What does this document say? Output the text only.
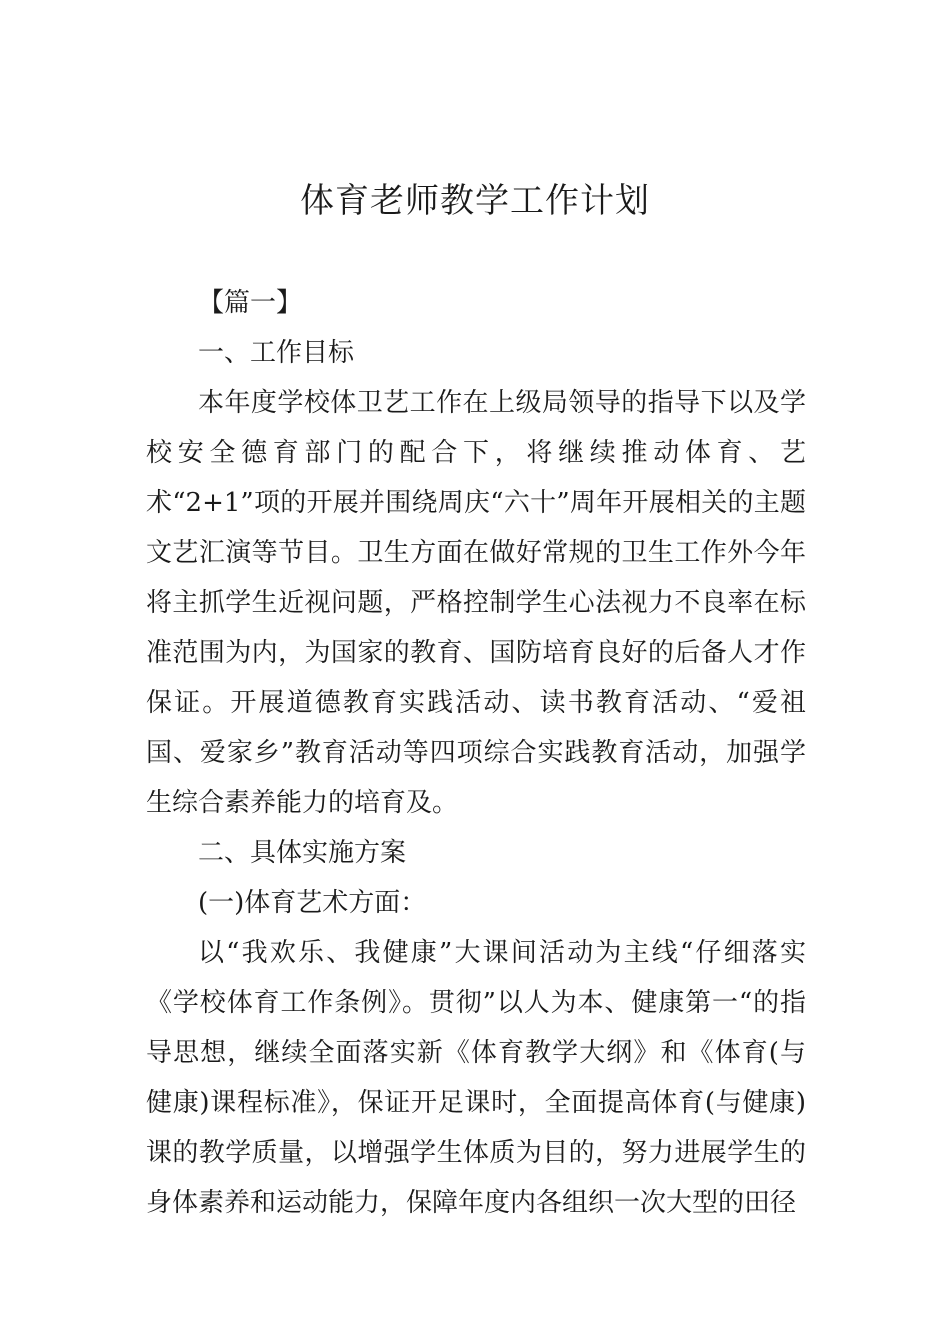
体育老师教学工作计划

【篇一】

一、工作目标

本年度学校体卫艺工作在上级局领导的指导下以及学校安全德育部门的配合下，将继续推动体育、艺术“2+1”项的开展并围绕周庆“六十”周年开展相关的主题文艺汇演等节目。卫生方面在做好常规的卫生工作外今年将主抓学生近视问题，严格控制学生心法视力不良率在标准范围为内，为国家的教育、国防培育良好的后备人才作保证。开展道德教育实践活动、读书教育活动、“爱祖国、爱家乡”教育活动等四项综合实践教育活动，加强学生综合素养能力的培育及。

二、具体实施方案

(一)体育艺术方面：

以“我欢乐、我健康”大课间活动为主线“仔细落实《学校体育工作条例》。贯彻”以人为本、健康第一“的指导思想，继续全面落实新《体育教学大纲》和《体育(与健康)课程标准》，保证开足课时，全面提高体育(与健康)课的教学质量，以增强学生体质为目的，努力进展学生的身体素养和运动能力，保障年度内各组织一次大型的田径
